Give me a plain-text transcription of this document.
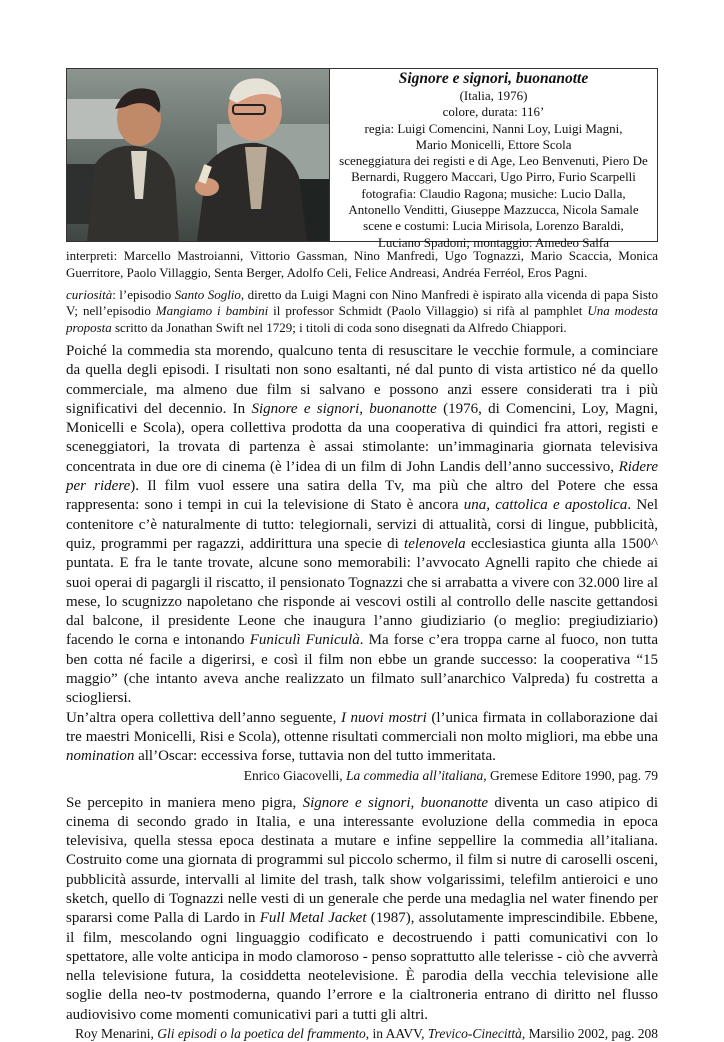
Signore e signori, buonanotte
(Italia, 1976)
colore, durata: 116’
regia: Luigi Comencini, Nanni Loy, Luigi Magni,
Mario Monicelli, Ettore Scola
sceneggiatura dei registi e di Age, Leo Benvenuti, Piero De
Bernardi, Ruggero Maccari, Ugo Pirro, Furio Scarpelli
fotografia: Claudio Ragona; musiche: Lucio Dalla,
Antonello Venditti, Giuseppe Mazzucca, Nicola Samale
scene e costumi: Lucia Mirisola, Lorenzo Baraldi,
Luciano Spadoni; montaggio: Amedeo Salfa

interpreti: Marcello Mastroianni, Vittorio Gassman, Nino Manfredi, Ugo Tognazzi, Mario Scaccia, Monica Guerritore, Paolo Villaggio, Senta Berger, Adolfo Celi, Felice Andreasi, Andréa Ferréol, Eros Pagni.

curiosità: l’episodio Santo Soglio, diretto da Luigi Magni con Nino Manfredi è ispirato alla vicenda di papa Sisto V; nell’episodio Mangiamo i bambini il professor Schmidt (Paolo Villaggio) si rifà al pamphlet Una modesta proposta scritto da Jonathan Swift nel 1729; i titoli di coda sono disegnati da Alfredo Chiappori.

Poiché la commedia sta morendo, qualcuno tenta di resuscitare le vecchie formule, a cominciare da quella degli episodi. I risultati non sono esaltanti, né dal punto di vista artistico né da quello commerciale, ma almeno due film si salvano e possono anzi essere considerati tra i più significativi del decennio. In Signore e signori, buonanotte (1976, di Comencini, Loy, Magni, Monicelli e Scola), opera collettiva prodotta da una cooperativa di quindici fra attori, registi e sceneggiatori, la trovata di partenza è assai stimolante: un’immaginaria giornata televisiva concentrata in due ore di cinema (è l’idea di un film di John Landis dell’anno successivo, Ridere per ridere). Il film vuol essere una satira della Tv, ma più che altro del Potere che essa rappresenta: sono i tempi in cui la televisione di Stato è ancora una, cattolica e apostolica. Nel contenitore c’è naturalmente di tutto: telegiornali, servizi di attualità, corsi di lingue, pubblicità, quiz, programmi per ragazzi, addirittura una specie di telenovela ecclesiastica giunta alla 1500^ puntata. E fra le tante trovate, alcune sono memorabili: l’avvocato Agnelli rapito che chiede ai suoi operai di pagargli il riscatto, il pensionato Tognazzi che si arrabatta a vivere con 32.000 lire al mese, lo scugnizzo napoletano che risponde ai vescovi ostili al controllo delle nascite gettandosi dal balcone, il presidente Leone che inaugura l’anno giudiziario (o meglio: pregiudiziario) facendo le corna e intonando Funiculì Funiculà. Ma forse c’era troppa carne al fuoco, non tutta ben cotta né facile a digerirsi, e così il film non ebbe un grande successo: la cooperativa “15 maggio” (che intanto aveva anche realizzato un filmato sull’anarchico Valpreda) fu costretta a sciogliersi.

Un’altra opera collettiva dell’anno seguente, I nuovi mostri (l’unica firmata in collaborazione dai tre maestri Monicelli, Risi e Scola), ottenne risultati commerciali non molto migliori, ma ebbe una nomination all’Oscar: eccessiva forse, tuttavia non del tutto immeritata.

Enrico Giacovelli, La commedia all’italiana, Gremese Editore 1990, pag. 79

Se percepito in maniera meno pigra, Signore e signori, buonanotte diventa un caso atipico di cinema di secondo grado in Italia, e una interessante evoluzione della commedia in epoca televisiva, quella stessa epoca destinata a mutare e infine seppellire la commedia all’italiana. Costruito come una giornata di programmi sul piccolo schermo, il film si nutre di caroselli osceni, pubblicità assurde, intervalli al limite del trash, talk show volgarissimi, telefilm antieroici e uno sketch, quello di Tognazzi nelle vesti di un generale che perde una medaglia nel water finendo per spararsi come Palla di Lardo in Full Metal Jacket (1987), assolutamente imprescindibile. Ebbene, il film, mescolando ogni linguaggio codificato e decostruendo i patti comunicativi con lo spettatore, alle volte anticipa in modo clamoroso - penso soprattutto alle telerisse - ciò che avverrà nella televisione futura, la cosiddetta neotelevisione. È parodia della vecchia televisione alle soglie della neo-tv postmoderna, quando l’errore e la cialtroneria entrano di diritto nel flusso audiovisivo come momenti comunicativi pari a tutti gli altri.

Roy Menarini, Gli episodi o la poetica del frammento, in AAVV, Trevico-Cinecittà, Marsilio 2002, pag. 208
